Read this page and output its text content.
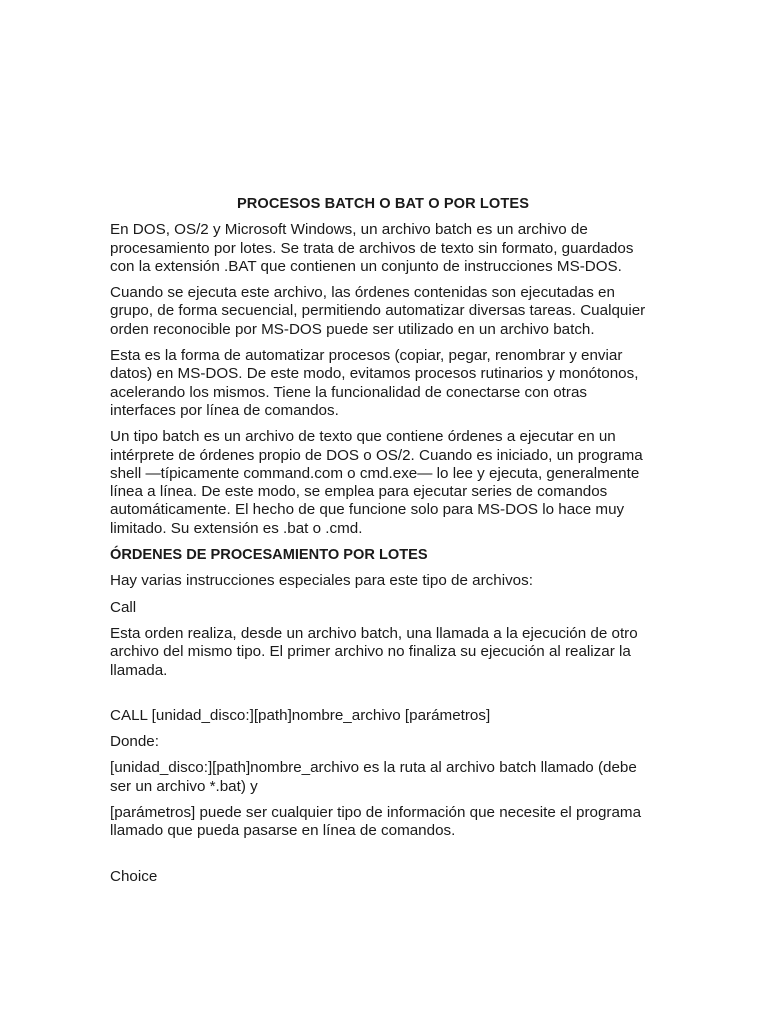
PROCESOS BATCH O BAT O POR LOTES

En DOS, OS/2 y Microsoft Windows, un archivo batch es un archivo de procesamiento por lotes. Se trata de archivos de texto sin formato, guardados con la extensión .BAT que contienen un conjunto de instrucciones MS-DOS.

Cuando se ejecuta este archivo, las órdenes contenidas son ejecutadas en grupo, de forma secuencial, permitiendo automatizar diversas tareas. Cualquier orden reconocible por MS-DOS puede ser utilizado en un archivo batch.

Esta es la forma de automatizar procesos (copiar, pegar, renombrar y enviar datos) en MS-DOS. De este modo, evitamos procesos rutinarios y monótonos, acelerando los mismos. Tiene la funcionalidad de conectarse con otras interfaces por línea de comandos.

Un tipo batch es un archivo de texto que contiene órdenes a ejecutar en un intérprete de órdenes propio de DOS o OS/2. Cuando es iniciado, un programa shell —típicamente command.com o cmd.exe— lo lee y ejecuta, generalmente línea a línea. De este modo, se emplea para ejecutar series de comandos automáticamente. El hecho de que funcione solo para MS-DOS lo hace muy limitado. Su extensión es .bat o .cmd.

ÓRDENES DE PROCESAMIENTO POR LOTES

Hay varias instrucciones especiales para este tipo de archivos:

Call

Esta orden realiza, desde un archivo batch, una llamada a la ejecución de otro archivo del mismo tipo. El primer archivo no finaliza su ejecución al realizar la llamada.

CALL [unidad_disco:][path]nombre_archivo [parámetros]

Donde:

[unidad_disco:][path]nombre_archivo es la ruta al archivo batch llamado (debe ser un archivo *.bat) y

[parámetros] puede ser cualquier tipo de información que necesite el programa llamado que pueda pasarse en línea de comandos.

Choice
